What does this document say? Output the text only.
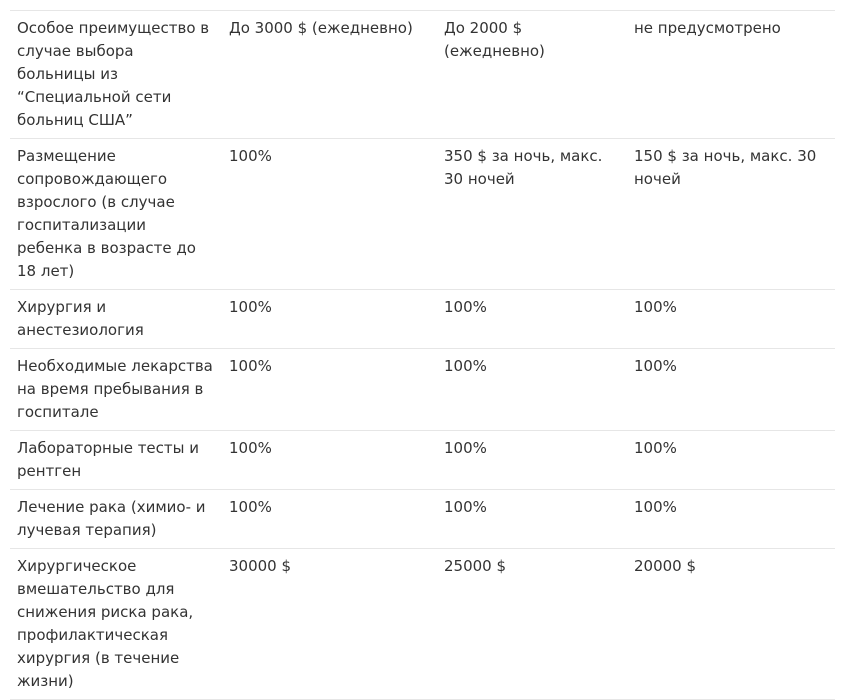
Особое преимущество в случае выбора больницы из “Специальной сети больниц США”	До 3000 $ (ежедневно)	До 2000 $ (ежедневно)	не предусмотрено
Размещение сопровождающего взрослого (в случае госпитализации ребенка в возрасте до 18 лет)	100%	350 $ за ночь, макс. 30 ночей	150 $ за ночь, макс. 30 ночей
Хирургия и анестезиология	100%	100%	100%
Необходимые лекарства на время пребывания в госпитале	100%	100%	100%
Лабораторные тесты и рентген	100%	100%	100%
Лечение рака (химио- и лучевая терапия)	100%	100%	100%
Хирургическое вмешательство для снижения риска рака, профилактическая хирургия (в течение жизни)	30000 $	25000 $	20000 $
